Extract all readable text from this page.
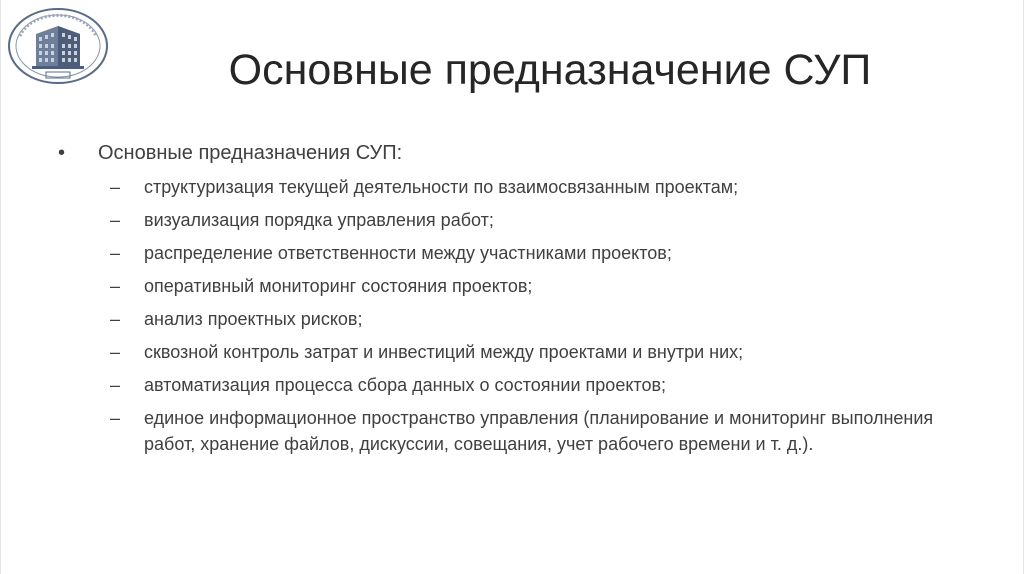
Основные предназначение СУП
•	Основные предназначения СУП:
–	структуризация текущей деятельности по взаимосвязанным проектам;
–	визуализация порядка управления работ;
–	распределение ответственности между участниками проектов;
–	оперативный мониторинг состояния проектов;
–	анализ проектных рисков;
–	сквозной контроль затрат и инвестиций между проектами и внутри них;
–	автоматизация процесса сбора данных о состоянии проектов;
–	единое информационное пространство управления (планирование и мониторинг выполнения работ, хранение файлов, дискуссии, совещания, учет рабочего времени и т. д.).
